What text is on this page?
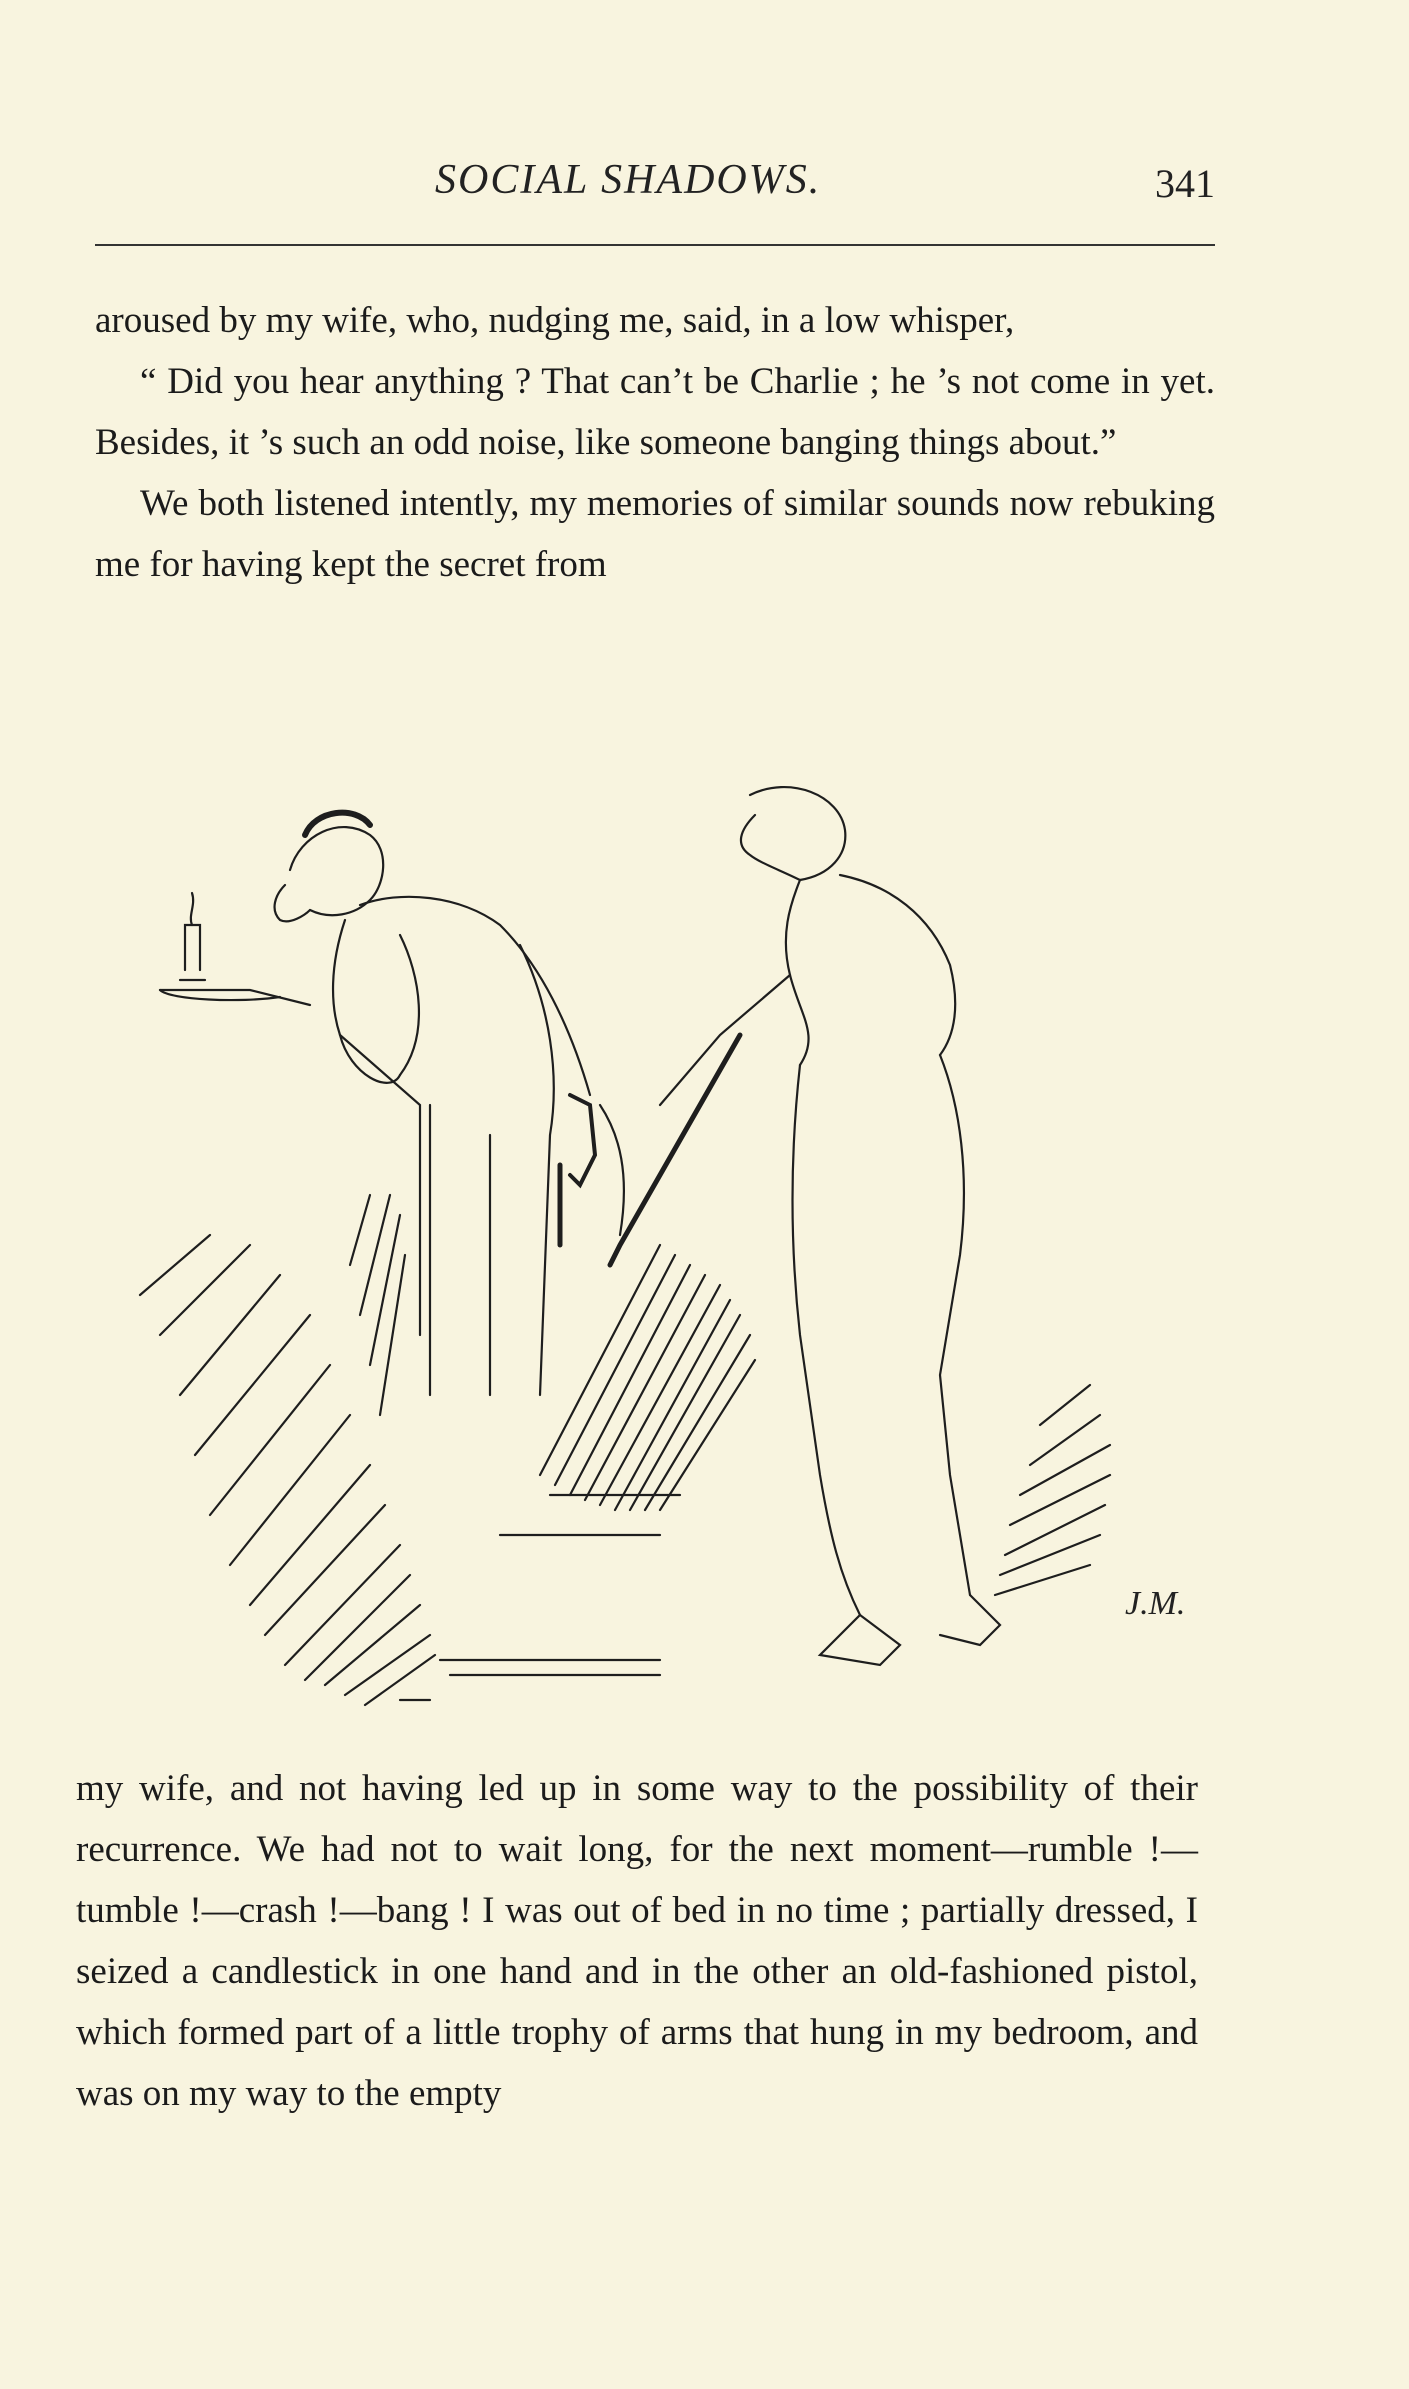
SOCIAL SHADOWS.	341

aroused by my wife, who, nudging me, said, in a low whisper,

“ Did you hear anything ? That can’t be Charlie ; he ’s not come in yet. Besides, it ’s such an odd noise, like someone banging things about.”

We both listened intently, my memories of similar sounds now rebuking me for having kept the secret from

J.M.

my wife, and not having led up in some way to the possibility of their recurrence. We had not to wait long, for the next moment—rumble !—tumble !—crash !—bang ! I was out of bed in no time ; partially dressed, I seized a candlestick in one hand and in the other an old-fashioned pistol, which formed part of a little trophy of arms that hung in my bedroom, and was on my way to the empty
